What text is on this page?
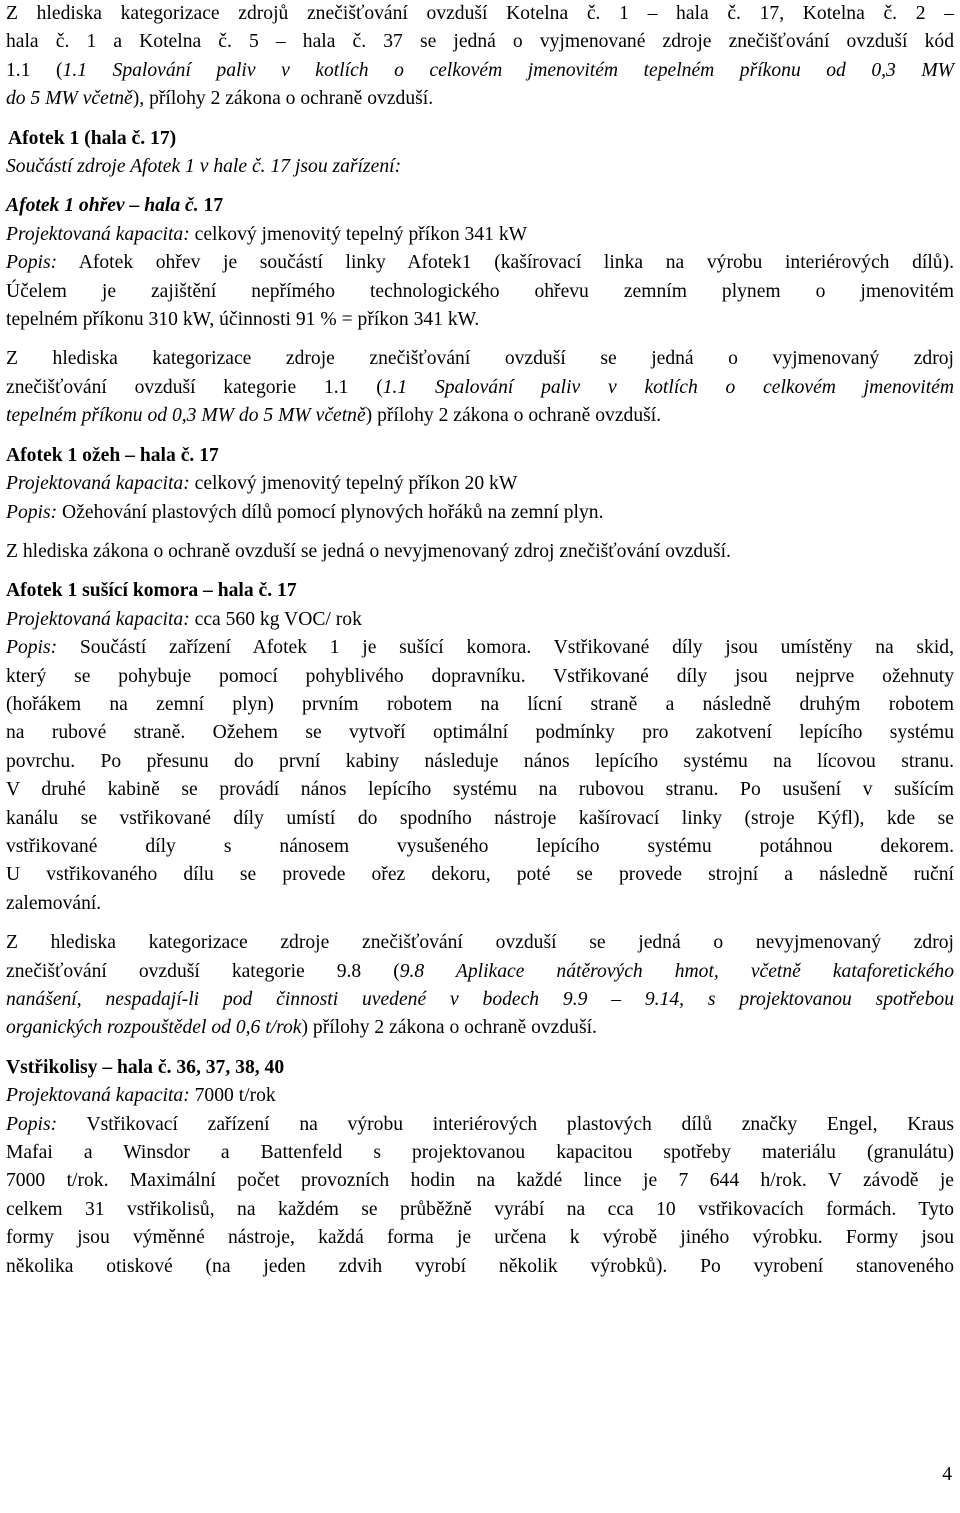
Z hlediska kategorizace zdrojů znečišťování ovzduší Kotelna č. 1 – hala č. 17, Kotelna č. 2 –

hala č. 1 a Kotelna č. 5 – hala č. 37 se jedná o vyjmenované zdroje znečišťování ovzduší kód

1.1 (1.1 Spalování paliv v kotlích o celkovém jmenovitém tepelném příkonu od 0,3 MW

do 5 MW včetně), přílohy 2 zákona o ochraně ovzduší.

Afotek 1 (hala č. 17)

Součástí zdroje Afotek 1 v hale č. 17 jsou zařízení:

Afotek 1 ohřev – hala č. 17

Projektovaná kapacita: celkový jmenovitý tepelný příkon 341 kW

Popis: Afotek ohřev je součástí linky Afotek1 (kašírovací linka na výrobu interiérových dílů).

Účelem je zajištění nepřímého technologického ohřevu zemním plynem o jmenovitém

tepelném příkonu 310 kW, účinnosti 91 % = příkon 341 kW.

Z hlediska kategorizace zdroje znečišťování ovzduší se jedná o vyjmenovaný zdroj

znečišťování ovzduší kategorie 1.1 (1.1 Spalování paliv v kotlích o celkovém jmenovitém

tepelném příkonu od 0,3 MW do 5 MW včetně) přílohy 2 zákona o ochraně ovzduší.

Afotek 1 ožeh – hala č. 17

Projektovaná kapacita: celkový jmenovitý tepelný příkon 20 kW

Popis: Ožehování plastových dílů pomocí plynových hořáků na zemní plyn.

Z hlediska zákona o ochraně ovzduší se jedná o nevyjmenovaný zdroj znečišťování ovzduší.

Afotek 1 sušící komora – hala č. 17

Projektovaná kapacita: cca 560 kg VOC/ rok

Popis: Součástí zařízení Afotek 1 je sušící komora. Vstřikované díly jsou umístěny na skid,

který se pohybuje pomocí pohyblivého dopravníku. Vstřikované díly jsou nejprve ožehnuty

(hořákem na zemní plyn) prvním robotem na lícní straně a následně druhým robotem

na rubové straně. Ožehem se vytvoří optimální podmínky pro zakotvení lepícího systému

povrchu. Po přesunu do první kabiny následuje nános lepícího systému na lícovou stranu.

V druhé kabině se provádí nános lepícího systému na rubovou stranu. Po usušení v sušícím

kanálu se vstřikované díly umístí do spodního nástroje kašírovací linky (stroje Kýfl), kde se

vstřikované díly s nánosem vysušeného lepícího systému potáhnou dekorem.

U vstřikovaného dílu se provede ořez dekoru, poté se provede strojní a následně ruční

zalemování.

Z hlediska kategorizace zdroje znečišťování ovzduší se jedná o nevyjmenovaný zdroj

znečišťování ovzduší kategorie 9.8 (9.8 Aplikace nátěrových hmot, včetně kataforetického

nanášení, nespadají-li pod činnosti uvedené v bodech 9.9 – 9.14, s projektovanou spotřebou

organických rozpouštědel od 0,6 t/rok) přílohy 2 zákona o ochraně ovzduší.

Vstřikolisy – hala č. 36, 37, 38, 40

Projektovaná kapacita: 7000 t/rok

Popis: Vstřikovací zařízení na výrobu interiérových plastových dílů značky Engel, Kraus

Mafai a Winsdor a Battenfeld s projektovanou kapacitou spotřeby materiálu (granulátu)

7000 t/rok. Maximální počet provozních hodin na každé lince je 7 644 h/rok. V závodě je

celkem 31 vstřikolisů, na každém se průběžně vyrábí na cca 10 vstřikovacích formách. Tyto

formy jsou výměnné nástroje, každá forma je určena k výrobě jiného výrobku. Formy jsou

několika otiskové (na jeden zdvih vyrobí několik výrobků). Po vyrobení stanoveného

4
